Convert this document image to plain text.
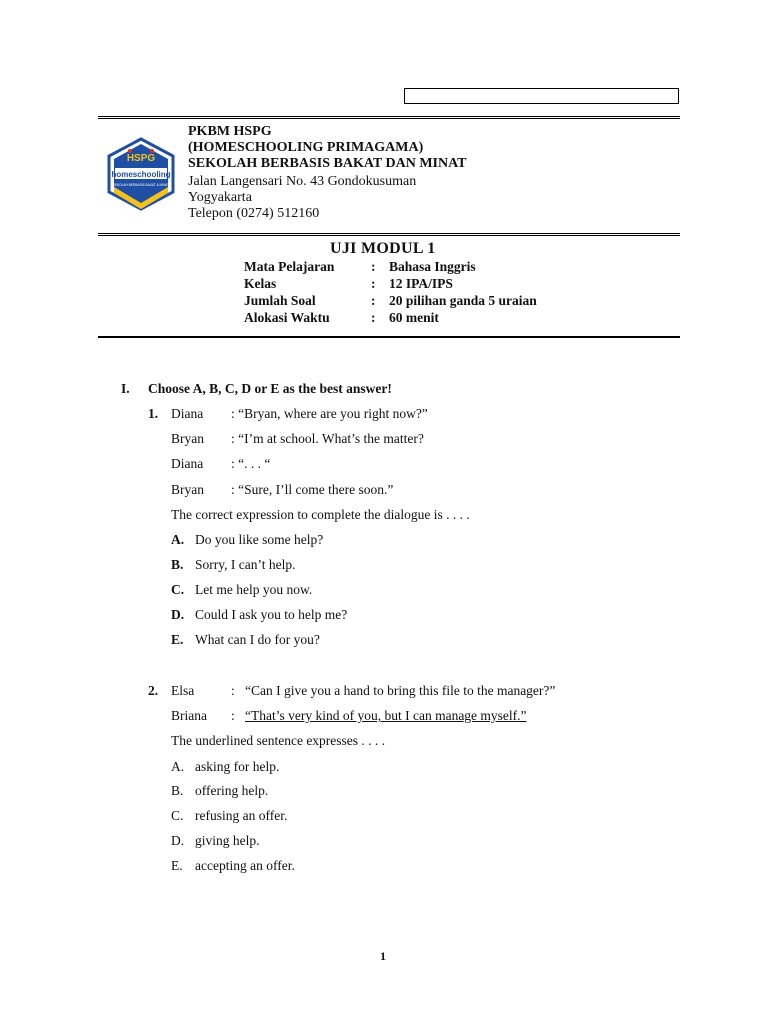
HSPG
homeschooling
SEKOLAH BERBASIS BAKAT & MINAT
PKBM HSPG
(HOMESCHOOLING PRIMAGAMA)
SEKOLAH BERBASIS BAKAT DAN MINAT
Jalan Langensari No. 43 Gondokusuman
Yogyakarta
Telepon (0274) 512160
UJI MODUL 1
Mata Pelajaran	: Bahasa Inggris
Kelas	: 12 IPA/IPS
Jumlah Soal	: 20 pilihan ganda 5 uraian
Alokasi Waktu	: 60 menit
I. Choose A, B, C, D or E as the best answer!
1. Diana : “Bryan, where are you right now?”
Bryan : “I’m at school. What’s the matter?
Diana : “. . . “
Bryan : “Sure, I’ll come there soon.”
The correct expression to complete the dialogue is . . . .
A. Do you like some help?
B. Sorry, I can’t help.
C. Let me help you now.
D. Could I ask you to help me?
E. What can I do for you?
2. Elsa	: “Can I give you a hand to bring this file to the manager?”
Briana : “That’s very kind of you, but I can manage myself.”
The underlined sentence expresses . . . .
A. asking for help.
B. offering help.
C. refusing an offer.
D. giving help.
E. accepting an offer.
1
